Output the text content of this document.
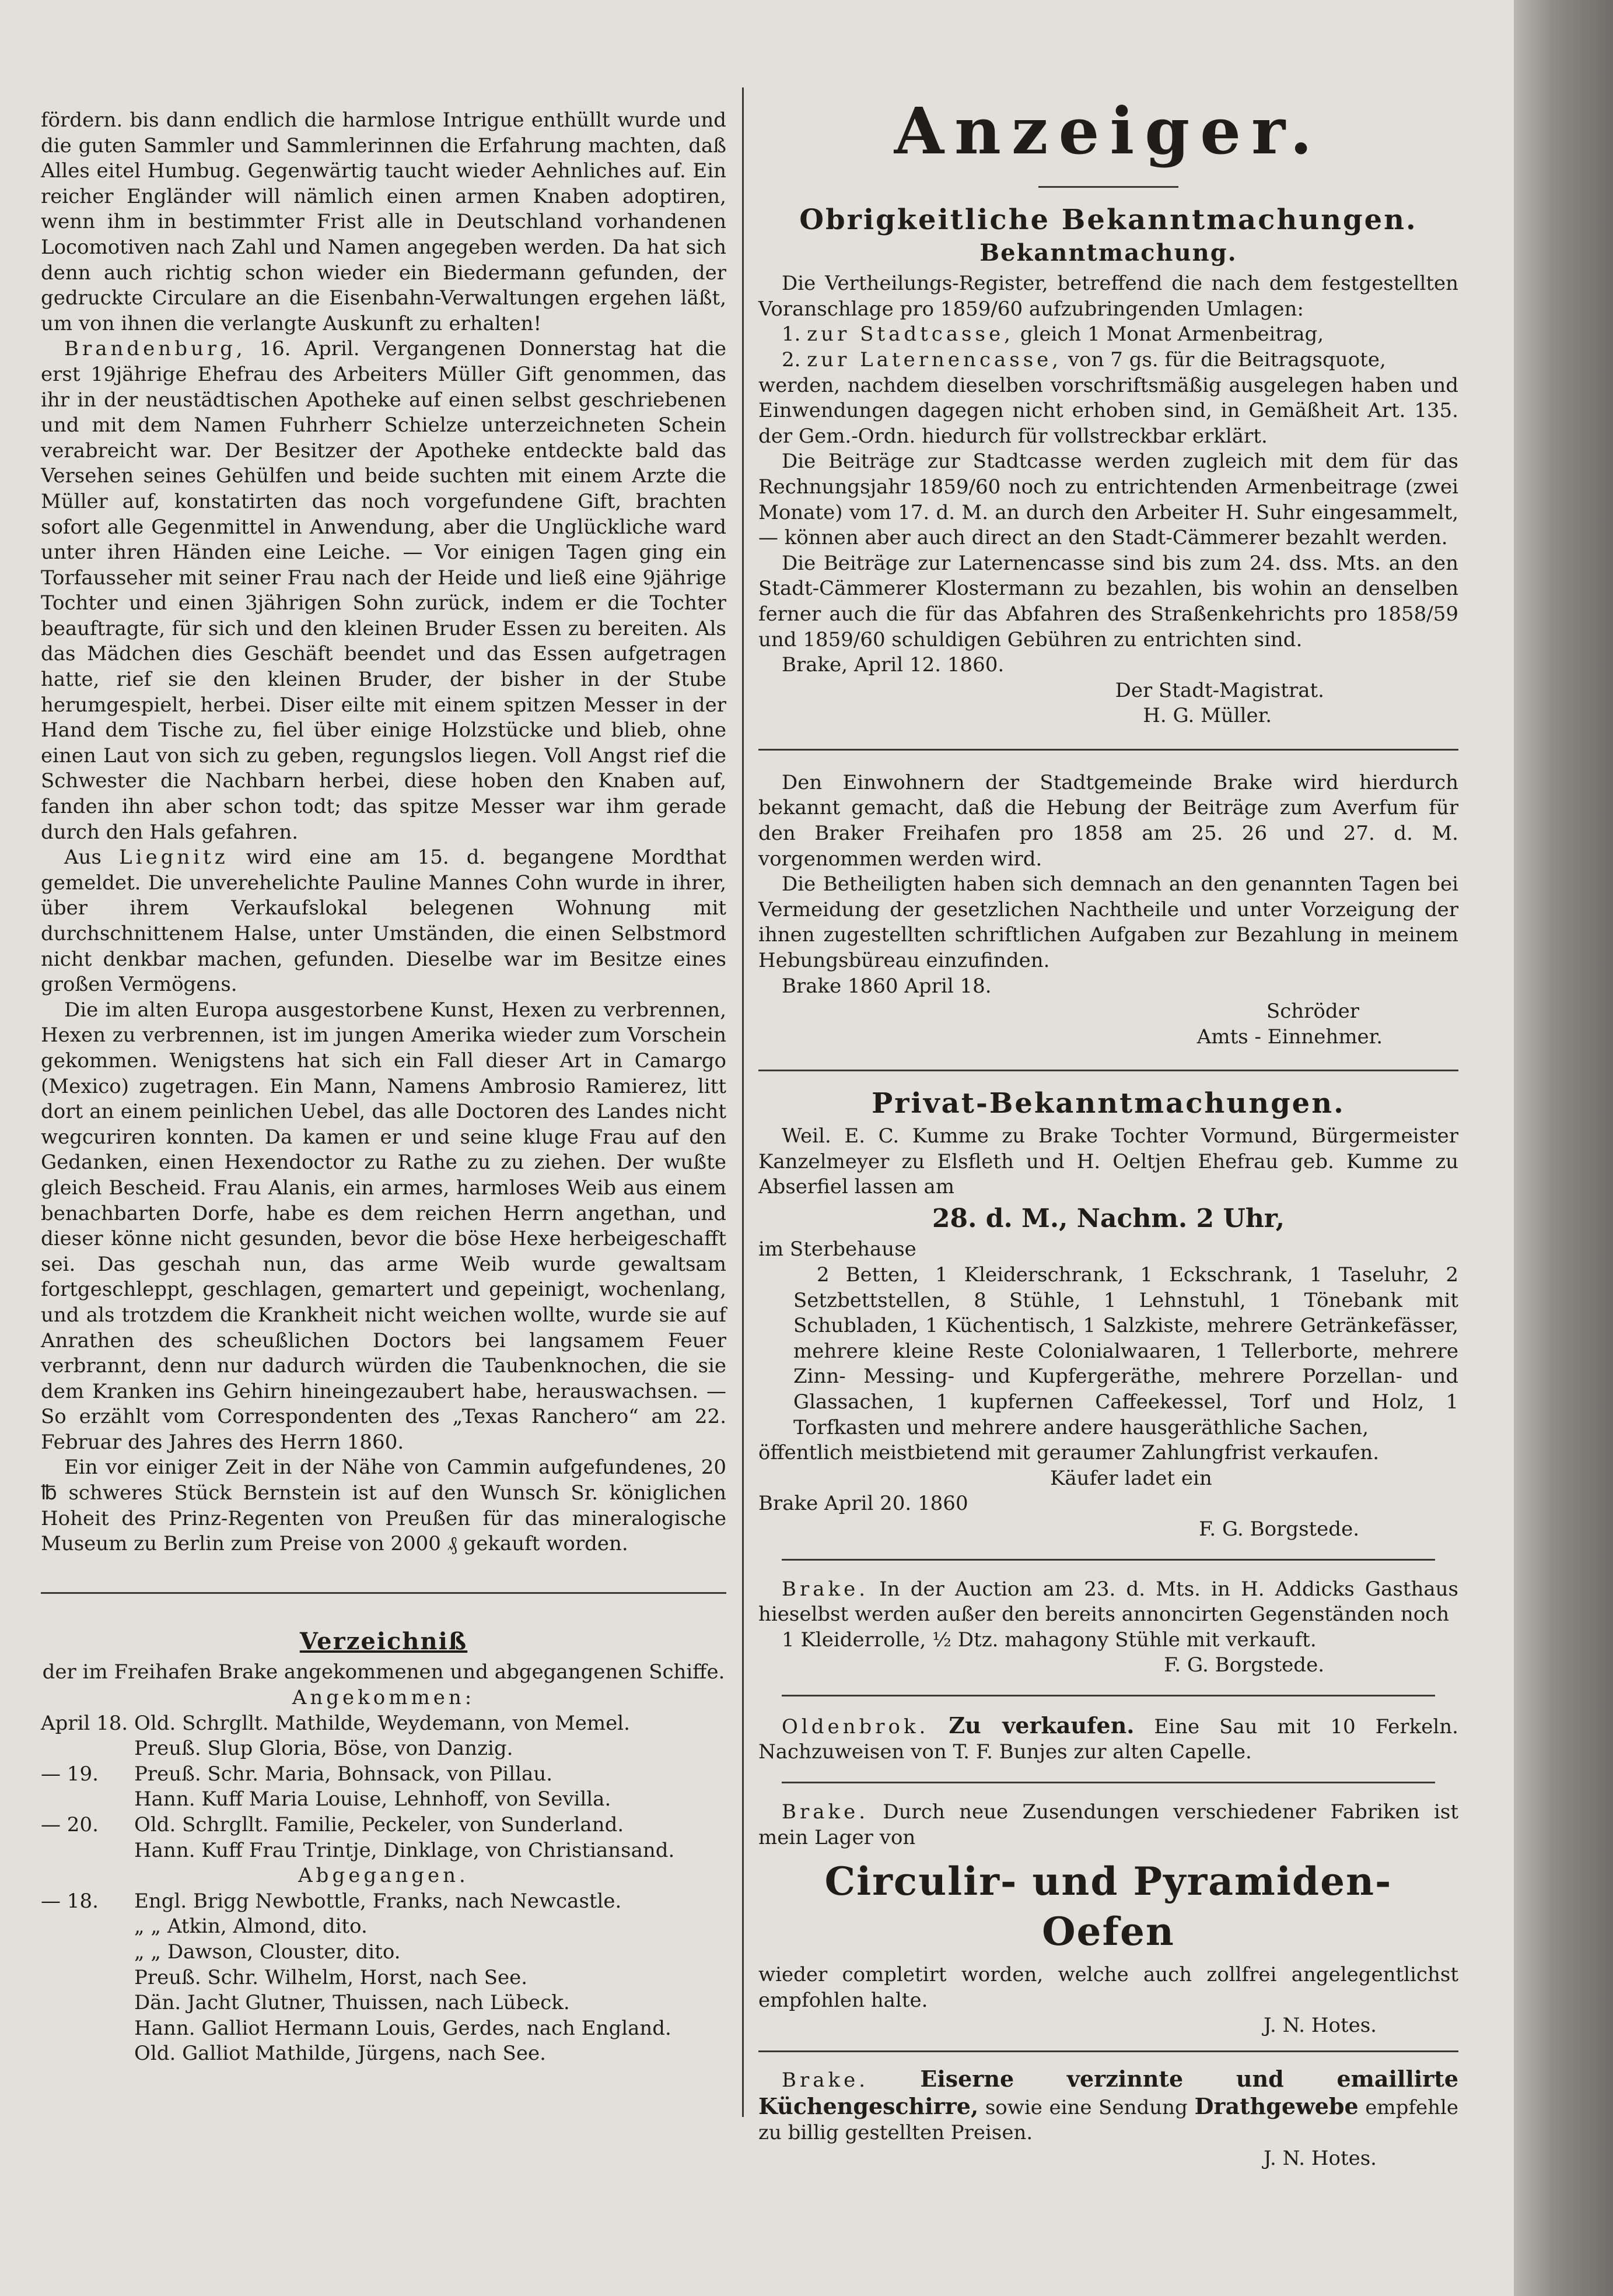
fördern. bis dann endlich die harmlose Intrigue enthüllt wurde und die guten Sammler und Sammlerinnen die Erfahrung machten, daß Alles eitel Humbug. Gegenwärtig taucht wieder Aehnliches auf. Ein reicher Engländer will nämlich einen armen Knaben adoptiren, wenn ihm in bestimmter Frist alle in Deutschland vorhandenen Locomotiven nach Zahl und Namen angegeben werden. Da hat sich denn auch richtig schon wieder ein Biedermann gefunden, der gedruckte Circulare an die Eisenbahn-Verwaltungen ergehen läßt, um von ihnen die verlangte Auskunft zu erhalten!

Brandenburg, 16. April. Vergangenen Donnerstag hat die erst 19jährige Ehefrau des Arbeiters Müller Gift genommen, das ihr in der neustädtischen Apotheke auf einen selbst geschriebenen und mit dem Namen Fuhrherr Schielze unterzeichneten Schein verabreicht war. Der Besitzer der Apotheke entdeckte bald das Versehen seines Gehülfen und beide suchten mit einem Arzte die Müller auf, konstatirten das noch vorgefundene Gift, brachten sofort alle Gegenmittel in Anwendung, aber die Unglückliche ward unter ihren Händen eine Leiche. — Vor einigen Tagen ging ein Torfausseher mit seiner Frau nach der Heide und ließ eine 9jährige Tochter und einen 3jährigen Sohn zurück, indem er die Tochter beauftragte, für sich und den kleinen Bruder Essen zu bereiten. Als das Mädchen dies Geschäft beendet und das Essen aufgetragen hatte, rief sie den kleinen Bruder, der bisher in der Stube herumgespielt, herbei. Diser eilte mit einem spitzen Messer in der Hand dem Tische zu, fiel über einige Holzstücke und blieb, ohne einen Laut von sich zu geben, regungslos liegen. Voll Angst rief die Schwester die Nachbarn herbei, diese hoben den Knaben auf, fanden ihn aber schon todt; das spitze Messer war ihm gerade durch den Hals gefahren.

Aus Liegnitz wird eine am 15. d. begangene Mordthat gemeldet. Die unverehelichte Pauline Mannes Cohn wurde in ihrer, über ihrem Verkaufslokal belegenen Wohnung mit durchschnittenem Halse, unter Umständen, die einen Selbstmord nicht denkbar machen, gefunden. Dieselbe war im Besitze eines großen Vermögens.

Die im alten Europa ausgestorbene Kunst, Hexen zu verbrennen, Hexen zu verbrennen, ist im jungen Amerika wieder zum Vorschein gekommen. Wenigstens hat sich ein Fall dieser Art in Camargo (Mexico) zugetragen. Ein Mann, Namens Ambrosio Ramierez, litt dort an einem peinlichen Uebel, das alle Doctoren des Landes nicht wegcuriren konnten. Da kamen er und seine kluge Frau auf den Gedanken, einen Hexendoctor zu Rathe zu zu ziehen. Der wußte gleich Bescheid. Frau Alanis, ein armes, harmloses Weib aus einem benachbarten Dorfe, habe es dem reichen Herrn angethan, und dieser könne nicht gesunden, bevor die böse Hexe herbeigeschafft sei. Das geschah nun, das arme Weib wurde gewaltsam fortgeschleppt, geschlagen, gemartert und gepeinigt, wochenlang, und als trotzdem die Krankheit nicht weichen wollte, wurde sie auf Anrathen des scheußlichen Doctors bei langsamem Feuer verbrannt, denn nur dadurch würden die Taubenknochen, die sie dem Kranken ins Gehirn hineingezaubert habe, herauswachsen. — So erzählt vom Correspondenten des „Texas Ranchero“ am 22. Februar des Jahres des Herrn 1860.

Ein vor einiger Zeit in der Nähe von Cammin aufgefundenes, 20 ℔ schweres Stück Bernstein ist auf den Wunsch Sr. königlichen Hoheit des Prinz-Regenten von Preußen für das mineralogische Museum zu Berlin zum Preise von 2000 ₰ gekauft worden.

Verzeichniß

der im Freihafen Brake angekommenen und abgegangenen Schiffe.

Angekommen:

April 18. Old. Schrgllt. Mathilde, Weydemann, von Memel.

Preuß. Slup Gloria, Böse, von Danzig.

— 19. Preuß. Schr. Maria, Bohnsack, von Pillau.

Hann. Kuff Maria Louise, Lehnhoff, von Sevilla.

— 20. Old. Schrgllt. Familie, Peckeler, von Sunderland.

Hann. Kuff Frau Trintje, Dinklage, von Christiansand.

Abgegangen.

— 18. Engl. Brigg Newbottle, Franks, nach Newcastle.

„ „ Atkin, Almond, dito.

„ „ Dawson, Clouster, dito.

Preuß. Schr. Wilhelm, Horst, nach See.

Dän. Jacht Glutner, Thuissen, nach Lübeck.

Hann. Galliot Hermann Louis, Gerdes, nach England.

Old. Galliot Mathilde, Jürgens, nach See.

Anzeiger.
Obrigkeitliche Bekanntmachungen.
Bekanntmachung.

Die Vertheilungs-Register, betreffend die nach dem festgestellten Voranschlage pro 1859/60 aufzubringenden Umlagen:

1. zur Stadtcasse, gleich 1 Monat Armenbeitrag,

2. zur Laternencasse, von 7 gs. für die Beitragsquote,

werden, nachdem dieselben vorschriftsmäßig ausgelegen haben und Einwendungen dagegen nicht erhoben sind, in Gemäßheit Art. 135. der Gem.-Ordn. hiedurch für vollstreckbar erklärt.

Die Beiträge zur Stadtcasse werden zugleich mit dem für das Rechnungsjahr 1859/60 noch zu entrichtenden Armenbeitrage (zwei Monate) vom 17. d. M. an durch den Arbeiter H. Suhr eingesammelt, — können aber auch direct an den Stadt-Cämmerer bezahlt werden.

Die Beiträge zur Laternencasse sind bis zum 24. dss. Mts. an den Stadt-Cämmerer Klostermann zu bezahlen, bis wohin an denselben ferner auch die für das Abfahren des Straßenkehrichts pro 1858/59 und 1859/60 schuldigen Gebühren zu entrichten sind.

Brake, April 12. 1860.

Der Stadt-Magistrat.

H. G. Müller.

Den Einwohnern der Stadtgemeinde Brake wird hierdurch bekannt gemacht, daß die Hebung der Beiträge zum Averfum für den Braker Freihafen pro 1858 am 25. 26 und 27. d. M. vorgenommen werden wird.

Die Betheiligten haben sich demnach an den genannten Tagen bei Vermeidung der gesetzlichen Nachtheile und unter Vorzeigung der ihnen zugestellten schriftlichen Aufgaben zur Bezahlung in meinem Hebungsbüreau einzufinden.

Brake 1860 April 18.

Schröder

Amts - Einnehmer.

Privat-Bekanntmachungen.

Weil. E. C. Kumme zu Brake Tochter Vormund, Bürgermeister Kanzelmeyer zu Elsfleth und H. Oeltjen Ehefrau geb. Kumme zu Abserfiel lassen am

28. d. M., Nachm. 2 Uhr,

im Sterbehause

2 Betten, 1 Kleiderschrank, 1 Eckschrank, 1 Taseluhr, 2 Setzbettstellen, 8 Stühle, 1 Lehnstuhl, 1 Tönebank mit Schubladen, 1 Küchentisch, 1 Salzkiste, mehrere Getränkefässer, mehrere kleine Reste Colonialwaaren, 1 Tellerborte, mehrere Zinn- Messing- und Kupfergeräthe, mehrere Porzellan- und Glassachen, 1 kupfernen Caffeekessel, Torf und Holz, 1 Torfkasten und mehrere andere hausgeräthliche Sachen,

öffentlich meistbietend mit geraumer Zahlungfrist verkaufen.

Käufer ladet ein

Brake April 20. 1860

F. G. Borgstede.

Brake. In der Auction am 23. d. Mts. in H. Addicks Gasthaus hieselbst werden außer den bereits annoncirten Gegenständen noch

1 Kleiderrolle, ½ Dtz. mahagony Stühle mit verkauft.

F. G. Borgstede.

Oldenbrok. Zu verkaufen. Eine Sau mit 10 Ferkeln. Nachzuweisen von T. F. Bunjes zur alten Capelle.

Brake. Durch neue Zusendungen verschiedener Fabriken ist mein Lager von

Circulir- und Pyramiden-Oefen

wieder completirt worden, welche auch zollfrei angelegentlichst empfohlen halte.

J. N. Hotes.

Brake. Eiserne verzinnte und emaillirte Küchengeschirre, sowie eine Sendung Drathgewebe empfehle zu billig gestellten Preisen.

J. N. Hotes.
